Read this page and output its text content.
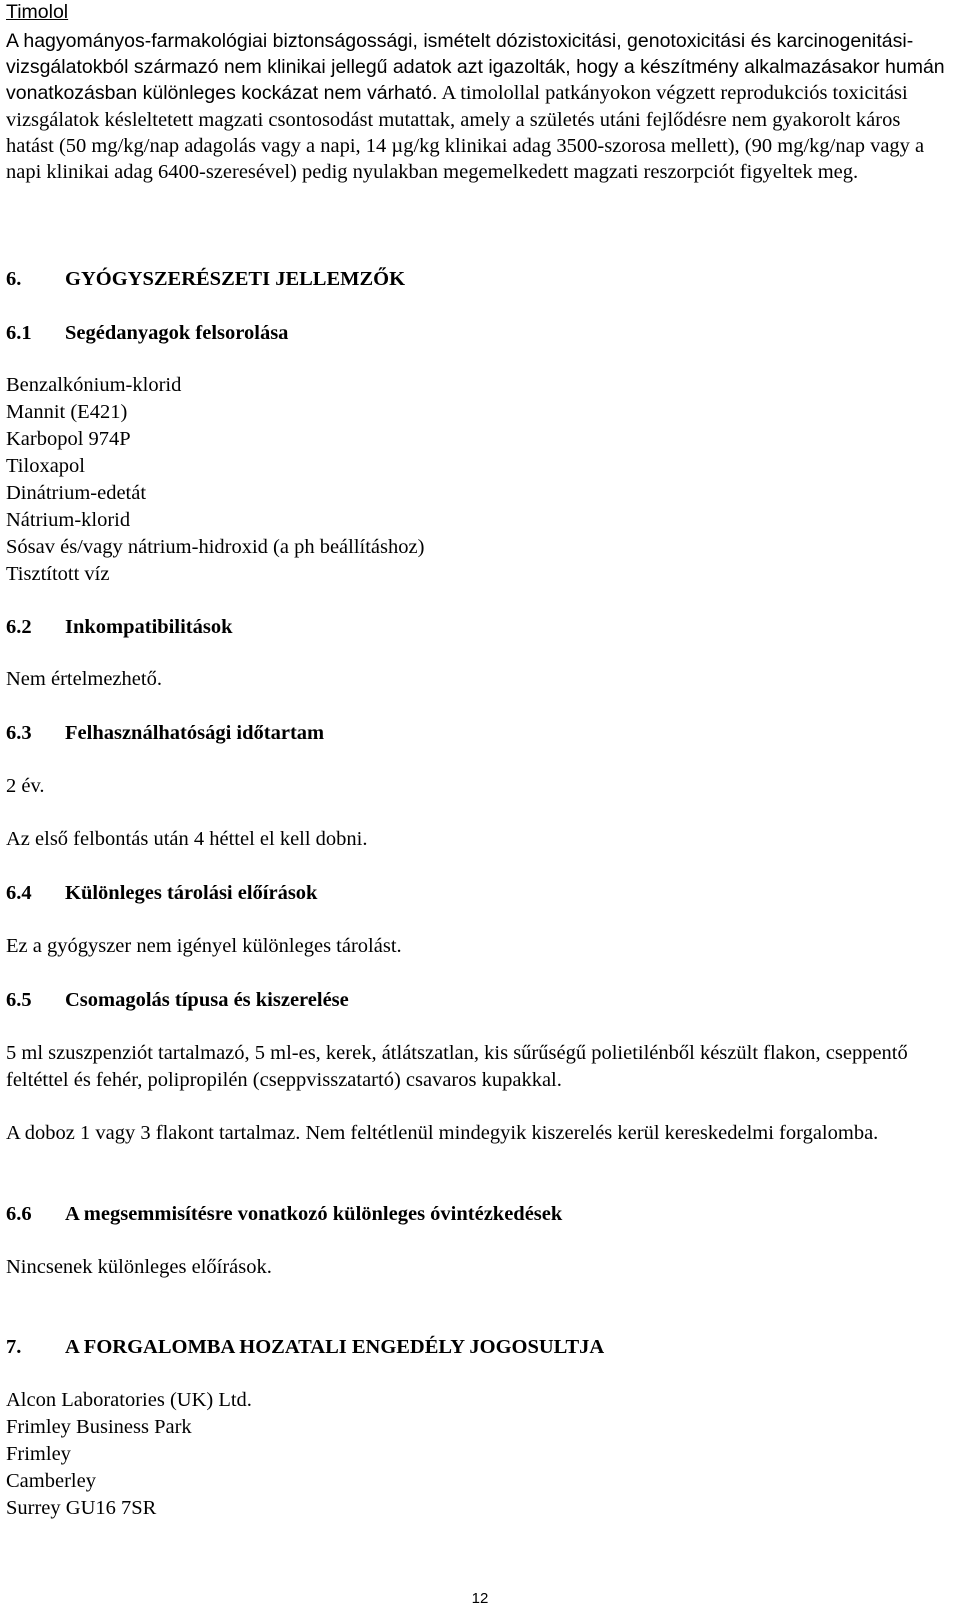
Timolol

A hagyományos-farmakológiai biztonságossági, ismételt dózistoxicitási, genotoxicitási és karcinogenitási-vizsgálatokból származó nem klinikai jellegű adatok azt igazolták, hogy a készítmény alkalmazásakor humán vonatkozásban különleges kockázat nem várható. A timolollal patkányokon végzett reprodukciós toxicitási vizsgálatok késleltetett magzati csontosodást mutattak, amely a születés utáni fejlődésre nem gyakorolt káros hatást (50 mg/kg/nap adagolás vagy a napi, 14 µg/kg klinikai adag 3500-szorosa mellett), (90 mg/kg/nap vagy a napi klinikai adag 6400-szeresével) pedig nyulakban megemelkedett magzati reszorpciót figyeltek meg.

6.	GYÓGYSZERÉSZETI JELLEMZŐK
6.1	Segédanyagok felsorolása
Benzalkónium-klorid
Mannit (E421)
Karbopol 974P
Tiloxapol
Dinátrium-edetát
Nátrium-klorid
Sósav és/vagy nátrium-hidroxid (a ph beállításhoz)
Tisztított víz
6.2	Inkompatibilitások

Nem értelmezhető.

6.3	Felhasználhatósági időtartam

2 év.

Az első felbontás után 4 héttel el kell dobni.

6.4	Különleges tárolási előírások

Ez a gyógyszer nem igényel különleges tárolást.

6.5	Csomagolás típusa és kiszerelése

5 ml szuszpenziót tartalmazó, 5 ml-es, kerek, átlátszatlan, kis sűrűségű polietilénből készült flakon, cseppentő feltéttel és fehér, polipropilén (cseppvisszatartó) csavaros kupakkal.

A doboz 1 vagy 3 flakont tartalmaz. Nem feltétlenül mindegyik kiszerelés kerül kereskedelmi forgalomba.

6.6	A megsemmisítésre vonatkozó különleges óvintézkedések

Nincsenek különleges előírások.

7.	A FORGALOMBA HOZATALI ENGEDÉLY JOGOSULTJA
Alcon Laboratories (UK) Ltd.
Frimley Business Park
Frimley
Camberley
Surrey GU16 7SR
12
